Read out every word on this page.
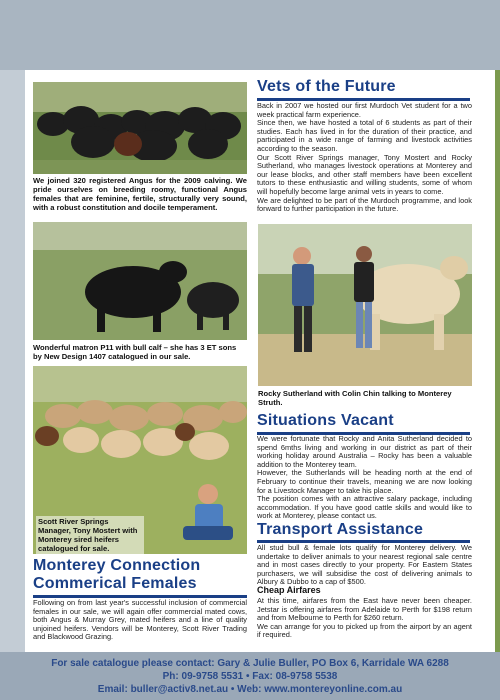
We joined 320 registered Angus for the 2009 calving. We pride ourselves on breeding roomy, functional Angus females that are feminine, fertile, structurally very sound, with a robust constitution and docile temperament.
Wonderful matron P11 with bull calf – she has 3 ET sons by New Design 1407 catalogued in our sale.
Scott River Springs Manager, Tony Mostert with Monterey sired heifers catalogued for sale.
Vets of the Future

Back in 2007 we hosted our first Murdoch Vet student for a two week practical farm experience.

Since then, we have hosted a total of 6 students as part of their studies. Each has lived in for the duration of their practice, and participated in a wide range of farming and livestock activities according to the season.

Our Scott River Springs manager, Tony Mostert and Rocky Sutherland, who manages livestock operations at Monterey and our lease blocks, and other staff members have been excellent tutors to these enthusiastic and willing students, some of whom will hopefully become large animal vets in years to come.

We are delighted to be part of the Murdoch programme, and look forward to further participation in the future.

Rocky Sutherland with Colin Chin talking to Monterey Struth.
Situations Vacant

We were fortunate that Rocky and Anita Sutherland decided to spend 6mths living and working in our district as part of their working holiday around Australia – Rocky has been a valuable addition to the Monterey team.

However, the Sutherlands will be heading north at the end of February to continue their travels, meaning we are now looking for a Livestock Manager to take his place.

The position comes with an attractive salary package, including accommodation. If you have good cattle skills and would like to work at Monterey, please contact us.

Transport Assistance

All stud bull & female lots qualify for Monterey delivery. We undertake to deliver animals to your nearest regional sale centre and in most cases directly to your property. For Eastern States purchasers, we will subsidise the cost of delivering animals to Albury & Dubbo to a cap of $500.

Cheap Airfares

At this time, airfares from the East have never been cheaper. Jetstar is offering airfares from Adelaide to Perth for $198 return and from Melbourne to Perth for $260 return.

We can arrange for you to picked up from the airport by an agent if required.

Monterey Connection
Commerical Females
Following on from last year's successful inclusion of commercial females in our sale, we will again offer commercial mated cows, both Angus & Murray Grey, mated heifers and a line of quality unjoined heifers. Vendors will be Monterey, Scott River Trading and Blackwood Grazing.
For sale catalogue please contact: Gary & Julie Buller, PO Box 6, Karridale WA 6288
Ph: 09-9758 5531 • Fax: 08-9758 5538
Email: buller@activ8.net.au • Web: www.montereyonline.com.au
